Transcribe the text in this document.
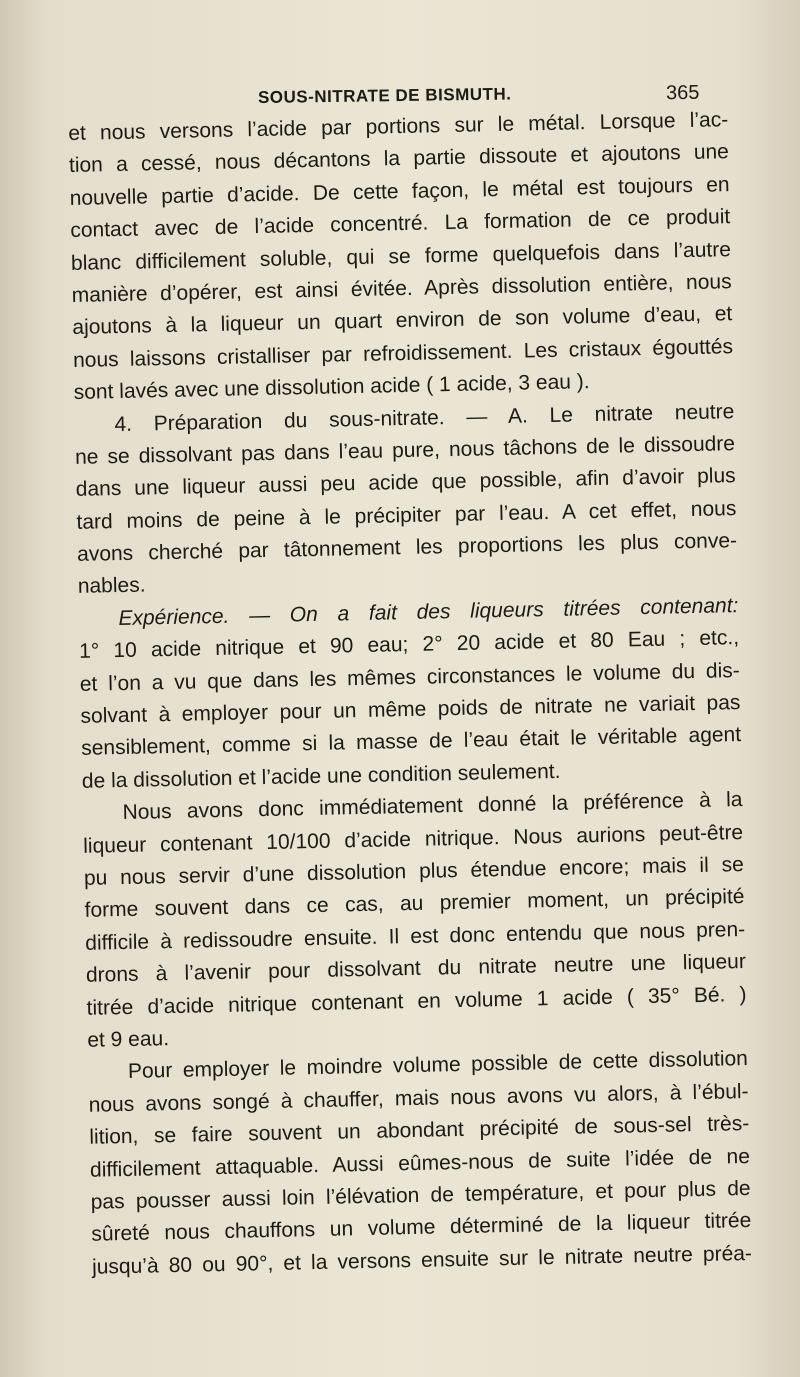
SOUS-NITRATE DE BISMUTH.	365
et nous versons l’acide par portions sur le métal. Lorsque l’ac-
tion a cessé, nous décantons la partie dissoute et ajoutons une
nouvelle partie d’acide. De cette façon, le métal est toujours en
contact avec de l’acide concentré. La formation de ce produit
blanc difficilement soluble, qui se forme quelquefois dans l’autre
manière d’opérer, est ainsi évitée. Après dissolution entière, nous
ajoutons à la liqueur un quart environ de son volume d’eau, et
nous laissons cristalliser par refroidissement. Les cristaux égouttés
sont lavés avec une dissolution acide ( 1 acide, 3 eau ).
4. Préparation du sous-nitrate. — A. Le nitrate neutre
ne se dissolvant pas dans l’eau pure, nous tâchons de le dissoudre
dans une liqueur aussi peu acide que possible, afin d’avoir plus
tard moins de peine à le précipiter par l’eau. A cet effet, nous
avons cherché par tâtonnement les proportions les plus conve-
nables.
Expérience. — On a fait des liqueurs titrées contenant:
1° 10 acide nitrique et 90 eau; 2° 20 acide et 80 Eau ; etc.,
et l’on a vu que dans les mêmes circonstances le volume du dis-
solvant à employer pour un même poids de nitrate ne variait pas
sensiblement, comme si la masse de l’eau était le véritable agent
de la dissolution et l’acide une condition seulement.
Nous avons donc immédiatement donné la préférence à la
liqueur contenant 10/100 d’acide nitrique. Nous aurions peut-être
pu nous servir d’une dissolution plus étendue encore; mais il se
forme souvent dans ce cas, au premier moment, un précipité
difficile à redissoudre ensuite. Il est donc entendu que nous pren-
drons à l’avenir pour dissolvant du nitrate neutre une liqueur
titrée d’acide nitrique contenant en volume 1 acide ( 35° Bé. )
et 9 eau.
Pour employer le moindre volume possible de cette dissolution
nous avons songé à chauffer, mais nous avons vu alors, à l’ébul-
lition, se faire souvent un abondant précipité de sous-sel très-
difficilement attaquable. Aussi eûmes-nous de suite l’idée de ne
pas pousser aussi loin l’élévation de température, et pour plus de
sûreté nous chauffons un volume déterminé de la liqueur titrée
jusqu’à 80 ou 90°, et la versons ensuite sur le nitrate neutre préa-
